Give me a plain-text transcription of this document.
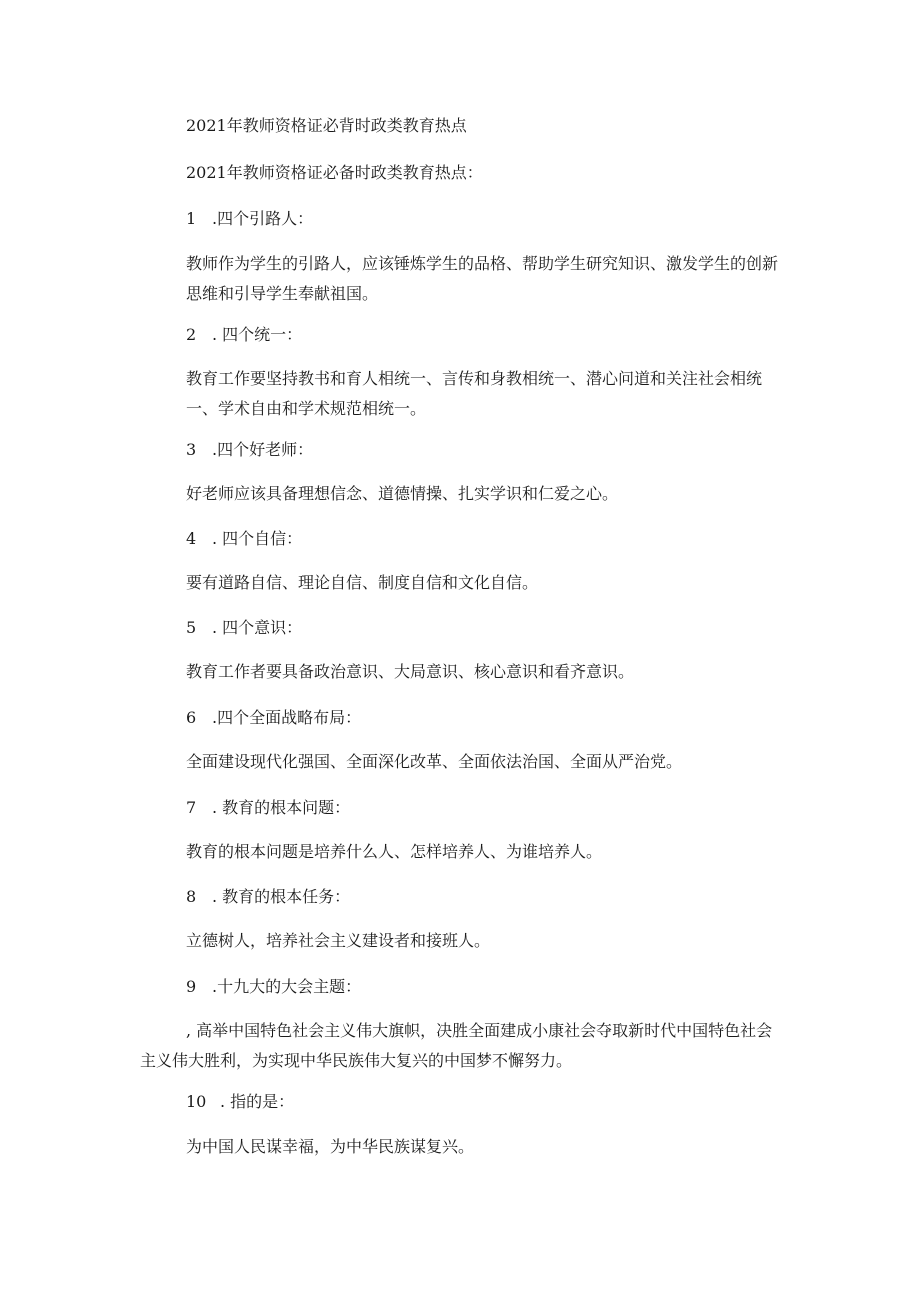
2021年教师资格证必背时政类教育热点
2021年教师资格证必备时政类教育热点：
1 .四个引路人：
教师作为学生的引路人，应该锤炼学生的品格、帮助学生研究知识、激发学生的创新思维和引导学生奉献祖国。
2 . 四个统一：
教育工作要坚持教书和育人相统一、言传和身教相统一、潜心问道和关注社会相统一、学术自由和学术规范相统一。
3 .四个好老师：
好老师应该具备理想信念、道德情操、扎实学识和仁爱之心。
4 . 四个自信：
要有道路自信、理论自信、制度自信和文化自信。
5 . 四个意识：
教育工作者要具备政治意识、大局意识、核心意识和看齐意识。
6 .四个全面战略布局：
全面建设现代化强国、全面深化改革、全面依法治国、全面从严治党。
7 . 教育的根本问题：
教育的根本问题是培养什么人、怎样培养人、为谁培养人。
8 . 教育的根本任务：
立德树人，培养社会主义建设者和接班人。
9 .十九大的大会主题：
, 高举中国特色社会主义伟大旗帜，决胜全面建成小康社会夺取新时代中国特色社会主义伟大胜利，为实现中华民族伟大复兴的中国梦不懈努力。
10 . 指的是：
为中国人民谋幸福，为中华民族谋复兴。
